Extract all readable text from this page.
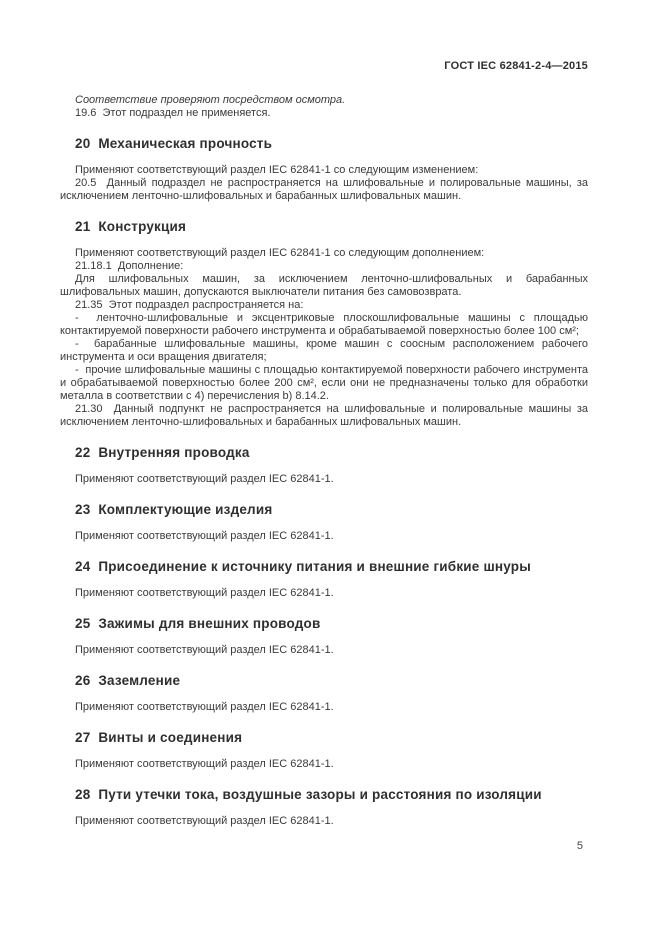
ГОСТ IEC 62841-2-4—2015

Соответствие проверяют посредством осмотра.

19.6  Этот подраздел не применяется.

20  Механическая прочность

Применяют соответствующий раздел IEC 62841-1 со следующим изменением:

20.5  Данный подраздел не распространяется на шлифовальные и полировальные машины, за исключением ленточно-шлифовальных и барабанных шлифовальных машин.

21  Конструкция

Применяют соответствующий раздел IEC 62841-1 со следующим дополнением:

21.18.1  Дополнение:

Для шлифовальных машин, за исключением ленточно-шлифовальных и барабанных шлифовальных машин, допускаются выключатели питания без самовозврата.

21.35  Этот подраздел распространяется на:

-  ленточно-шлифовальные и эксцентриковые плоскошлифовальные машины с площадью контактируемой поверхности рабочего инструмента и обрабатываемой поверхностью более 100 см²;

-  барабанные шлифовальные машины, кроме машин с соосным расположением рабочего инструмента и оси вращения двигателя;

-  прочие шлифовальные машины с площадью контактируемой поверхности рабочего инструмента и обрабатываемой поверхностью более 200 см², если они не предназначены только для обработки металла в соответствии с 4) перечисления b) 8.14.2.

21.30  Данный подпункт не распространяется на шлифовальные и полировальные машины за исключением ленточно-шлифовальных и барабанных шлифовальных машин.

22  Внутренняя проводка

Применяют соответствующий раздел IEC 62841-1.

23  Комплектующие изделия

Применяют соответствующий раздел IEC 62841-1.

24  Присоединение к источнику питания и внешние гибкие шнуры

Применяют соответствующий раздел IEC 62841-1.

25  Зажимы для внешних проводов

Применяют соответствующий раздел IEC 62841-1.

26  Заземление

Применяют соответствующий раздел IEC 62841-1.

27  Винты и соединения

Применяют соответствующий раздел IEC 62841-1.

28  Пути утечки тока, воздушные зазоры и расстояния по изоляции

Применяют соответствующий раздел IEC 62841-1.

5
